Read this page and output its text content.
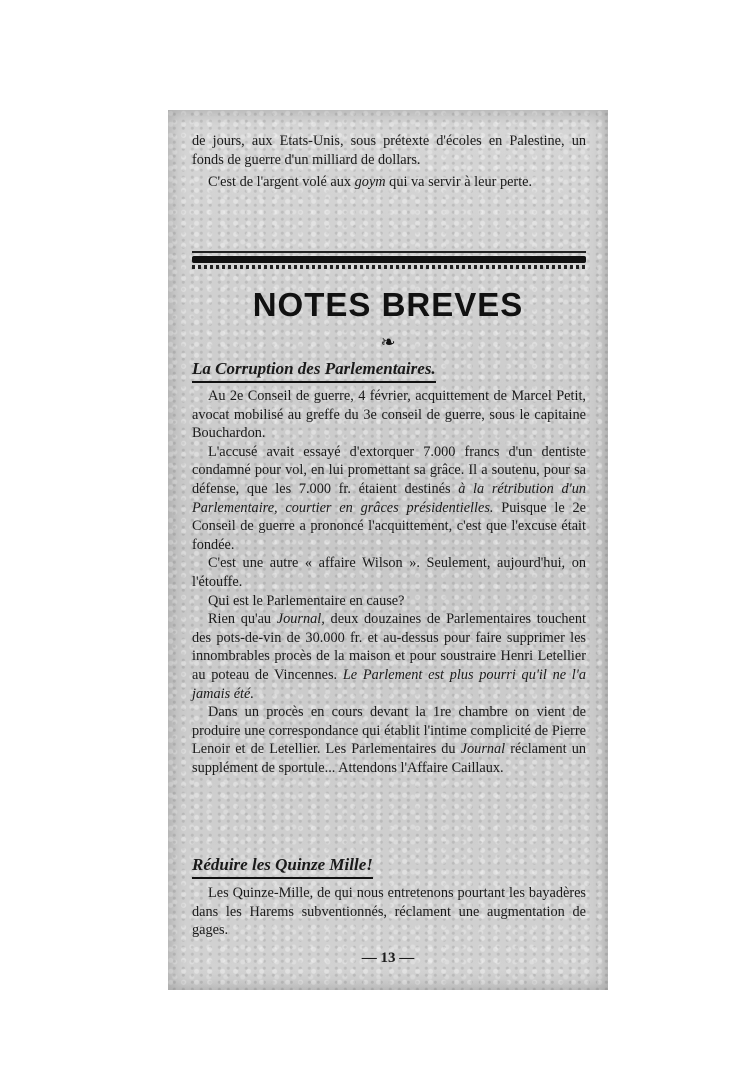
de jours, aux Etats-Unis, sous prétexte d'écoles en Palestine, un fonds de guerre d'un milliard de dollars.

C'est de l'argent volé aux goym qui va servir à leur perte.

NOTES BREVES
❧
La Corruption des Parlementaires.

Au 2e Conseil de guerre, 4 février, acquittement de Marcel Petit, avocat mobilisé au greffe du 3e conseil de guerre, sous le capitaine Bouchardon.

L'accusé avait essayé d'extorquer 7.000 francs d'un dentiste condamné pour vol, en lui promettant sa grâce. Il a soutenu, pour sa défense, que les 7.000 fr. étaient destinés à la rétribution d'un Parlementaire, courtier en grâces présidentielles. Puisque le 2e Conseil de guerre a prononcé l'acquittement, c'est que l'excuse était fondée.

C'est une autre « affaire Wilson ». Seulement, aujourd'hui, on l'étouffe.

Qui est le Parlementaire en cause?

Rien qu'au Journal, deux douzaines de Parlementaires touchent des pots-de-vin de 30.000 fr. et au-dessus pour faire supprimer les innombrables procès de la maison et pour soustraire Henri Letellier au poteau de Vincennes. Le Parlement est plus pourri qu'il ne l'a jamais été.

Dans un procès en cours devant la 1re chambre on vient de produire une correspondance qui établit l'intime complicité de Pierre Lenoir et de Letellier. Les Parlementaires du Journal réclament un supplément de sportule... Attendons l'Affaire Caillaux.

Réduire les Quinze Mille!

Les Quinze-Mille, de qui nous entretenons pourtant les bayadères dans les Harems subventionnés, réclament une augmentation de gages.

— 13 —
